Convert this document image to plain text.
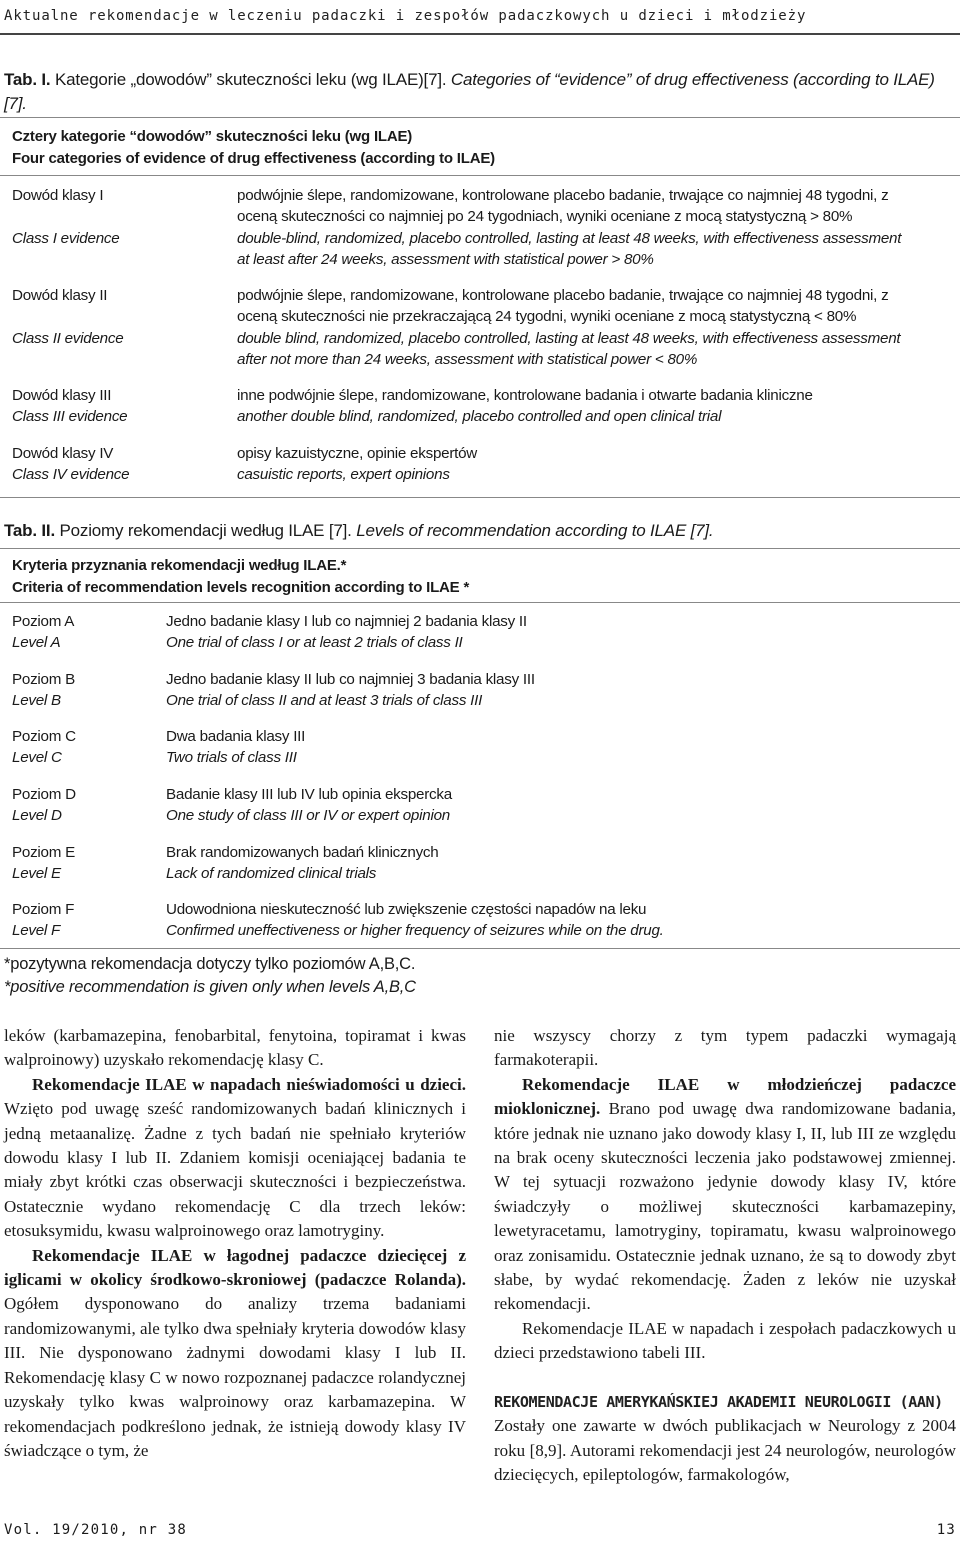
Aktualne rekomendacje w leczeniu padaczki i zespołów padaczkowych u dzieci i młodzieży
Tab. I. Kategorie „dowodów” skuteczności leku (wg ILAE)[7]. Categories of “evidence” of drug effectiveness (according to ILAE) [7].
Cztery kategorie “dowodów” skuteczności leku (wg ILAE)
Four categories of evidence of drug effectiveness (according to ILAE)
Dowód klasy I
Class I evidence
podwójnie ślepe, randomizowane, kontrolowane placebo badanie, trwające co najmniej 48 tygodni, z
oceną skuteczności co najmniej po 24 tygodniach, wyniki oceniane z mocą statystyczną > 80%
double-blind, randomized, placebo controlled, lasting at least 48 weeks, with effectiveness assessment
at least after 24 weeks, assessment with statistical power > 80%
Dowód klasy II
Class II evidence
podwójnie ślepe, randomizowane, kontrolowane placebo badanie, trwające co najmniej 48 tygodni, z
oceną skuteczności nie przekraczającą 24 tygodni, wyniki oceniane z mocą statystyczną < 80%
double blind, randomized, placebo controlled, lasting at least 48 weeks, with effectiveness assessment
after not more than 24 weeks, assessment with statistical power < 80%
Dowód klasy III
Class III evidence
inne podwójnie ślepe, randomizowane, kontrolowane badania i otwarte badania kliniczne
another double blind, randomized, placebo controlled and open clinical trial
Dowód klasy IV
Class IV evidence
opisy kazuistyczne, opinie ekspertów
casuistic reports, expert opinions
Tab. II. Poziomy rekomendacji według ILAE [7]. Levels of recommendation according to ILAE [7].
Kryteria przyznania rekomendacji według ILAE.*
Criteria of recommendation levels recognition according to ILAE *
Poziom A
Level A
Jedno badanie klasy I lub co najmniej 2 badania klasy II
One trial of class I or at least 2 trials of class II
Poziom B
Level B
Jedno badanie klasy II lub co najmniej 3 badania klasy III
One trial of class II and at least 3 trials of class III
Poziom C
Level C
Dwa badania klasy III
Two trials of class III
Poziom D
Level D
Badanie klasy III lub IV lub opinia ekspercka
One study of class III or IV or expert opinion
Poziom E
Level E
Brak randomizowanych badań klinicznych
Lack of randomized clinical trials
Poziom F
Level F
Udowodniona nieskuteczność lub zwiększenie częstości napadów na leku
Confirmed uneffectiveness or higher frequency of seizures while on the drug.
*pozytywna rekomendacja dotyczy tylko poziomów A,B,C.
*positive recommendation is given only when levels A,B,C

leków (karbamazepina, fenobarbital, fenytoina, topiramat i kwas walproinowy) uzyskało rekomendację klasy C.

Rekomendacje ILAE w napadach nieświadomości u dzieci. Wzięto pod uwagę sześć randomizowanych badań klinicznych i jedną metaanalizę. Żadne z tych badań nie spełniało kryteriów dowodu klasy I lub II. Zdaniem komisji oceniającej badania te miały zbyt krótki czas obserwacji skuteczności i bezpieczeństwa. Ostatecznie wydano rekomendację C dla trzech leków: etosuksymidu, kwasu walproinowego oraz lamotryginy.

Rekomendacje ILAE w łagodnej padaczce dziecięcej z iglicami w okolicy środkowo-skroniowej (padaczce Rolanda). Ogółem dysponowano do analizy trzema badaniami randomizowanymi, ale tylko dwa spełniały kryteria dowodów klasy III. Nie dysponowano żadnymi dowodami klasy I lub II. Rekomendację klasy C w nowo rozpoznanej padaczce rolandycznej uzyskały tylko kwas walproinowy oraz karbamazepina. W rekomendacjach podkreślono jednak, że istnieją dowody klasy IV świadczące o tym, że

nie wszyscy chorzy z tym typem padaczki wymagają farmakoterapii.

Rekomendacje ILAE w młodzieńczej padaczce mioklonicznej. Brano pod uwagę dwa randomizowane badania, które jednak nie uznano jako dowody klasy I, II, lub III ze względu na brak oceny skuteczności leczenia jako podstawowej zmiennej. W tej sytuacji rozważono jedynie dowody klasy IV, które świadczyły o możliwej skuteczności karbamazepiny, lewetyracetamu, lamotryginy, topiramatu, kwasu walproinowego oraz zonisamidu. Ostatecznie jednak uznano, że są to dowody zbyt słabe, by wydać rekomendację. Żaden z leków nie uzyskał rekomendacji.

Rekomendacje ILAE w napadach i zespołach padaczkowych u dzieci przedstawiono tabeli III.

REKOMENDACJE AMERYKAŃSKIEJ AKADEMII NEUROLOGII (AAN)

Zostały one zawarte w dwóch publikacjach w Neurology z 2004 roku [8,9]. Autorami rekomendacji jest 24 neurologów, neurologów dziecięcych, epileptologów, farmakologów,

Vol. 19/2010, nr 38	13
